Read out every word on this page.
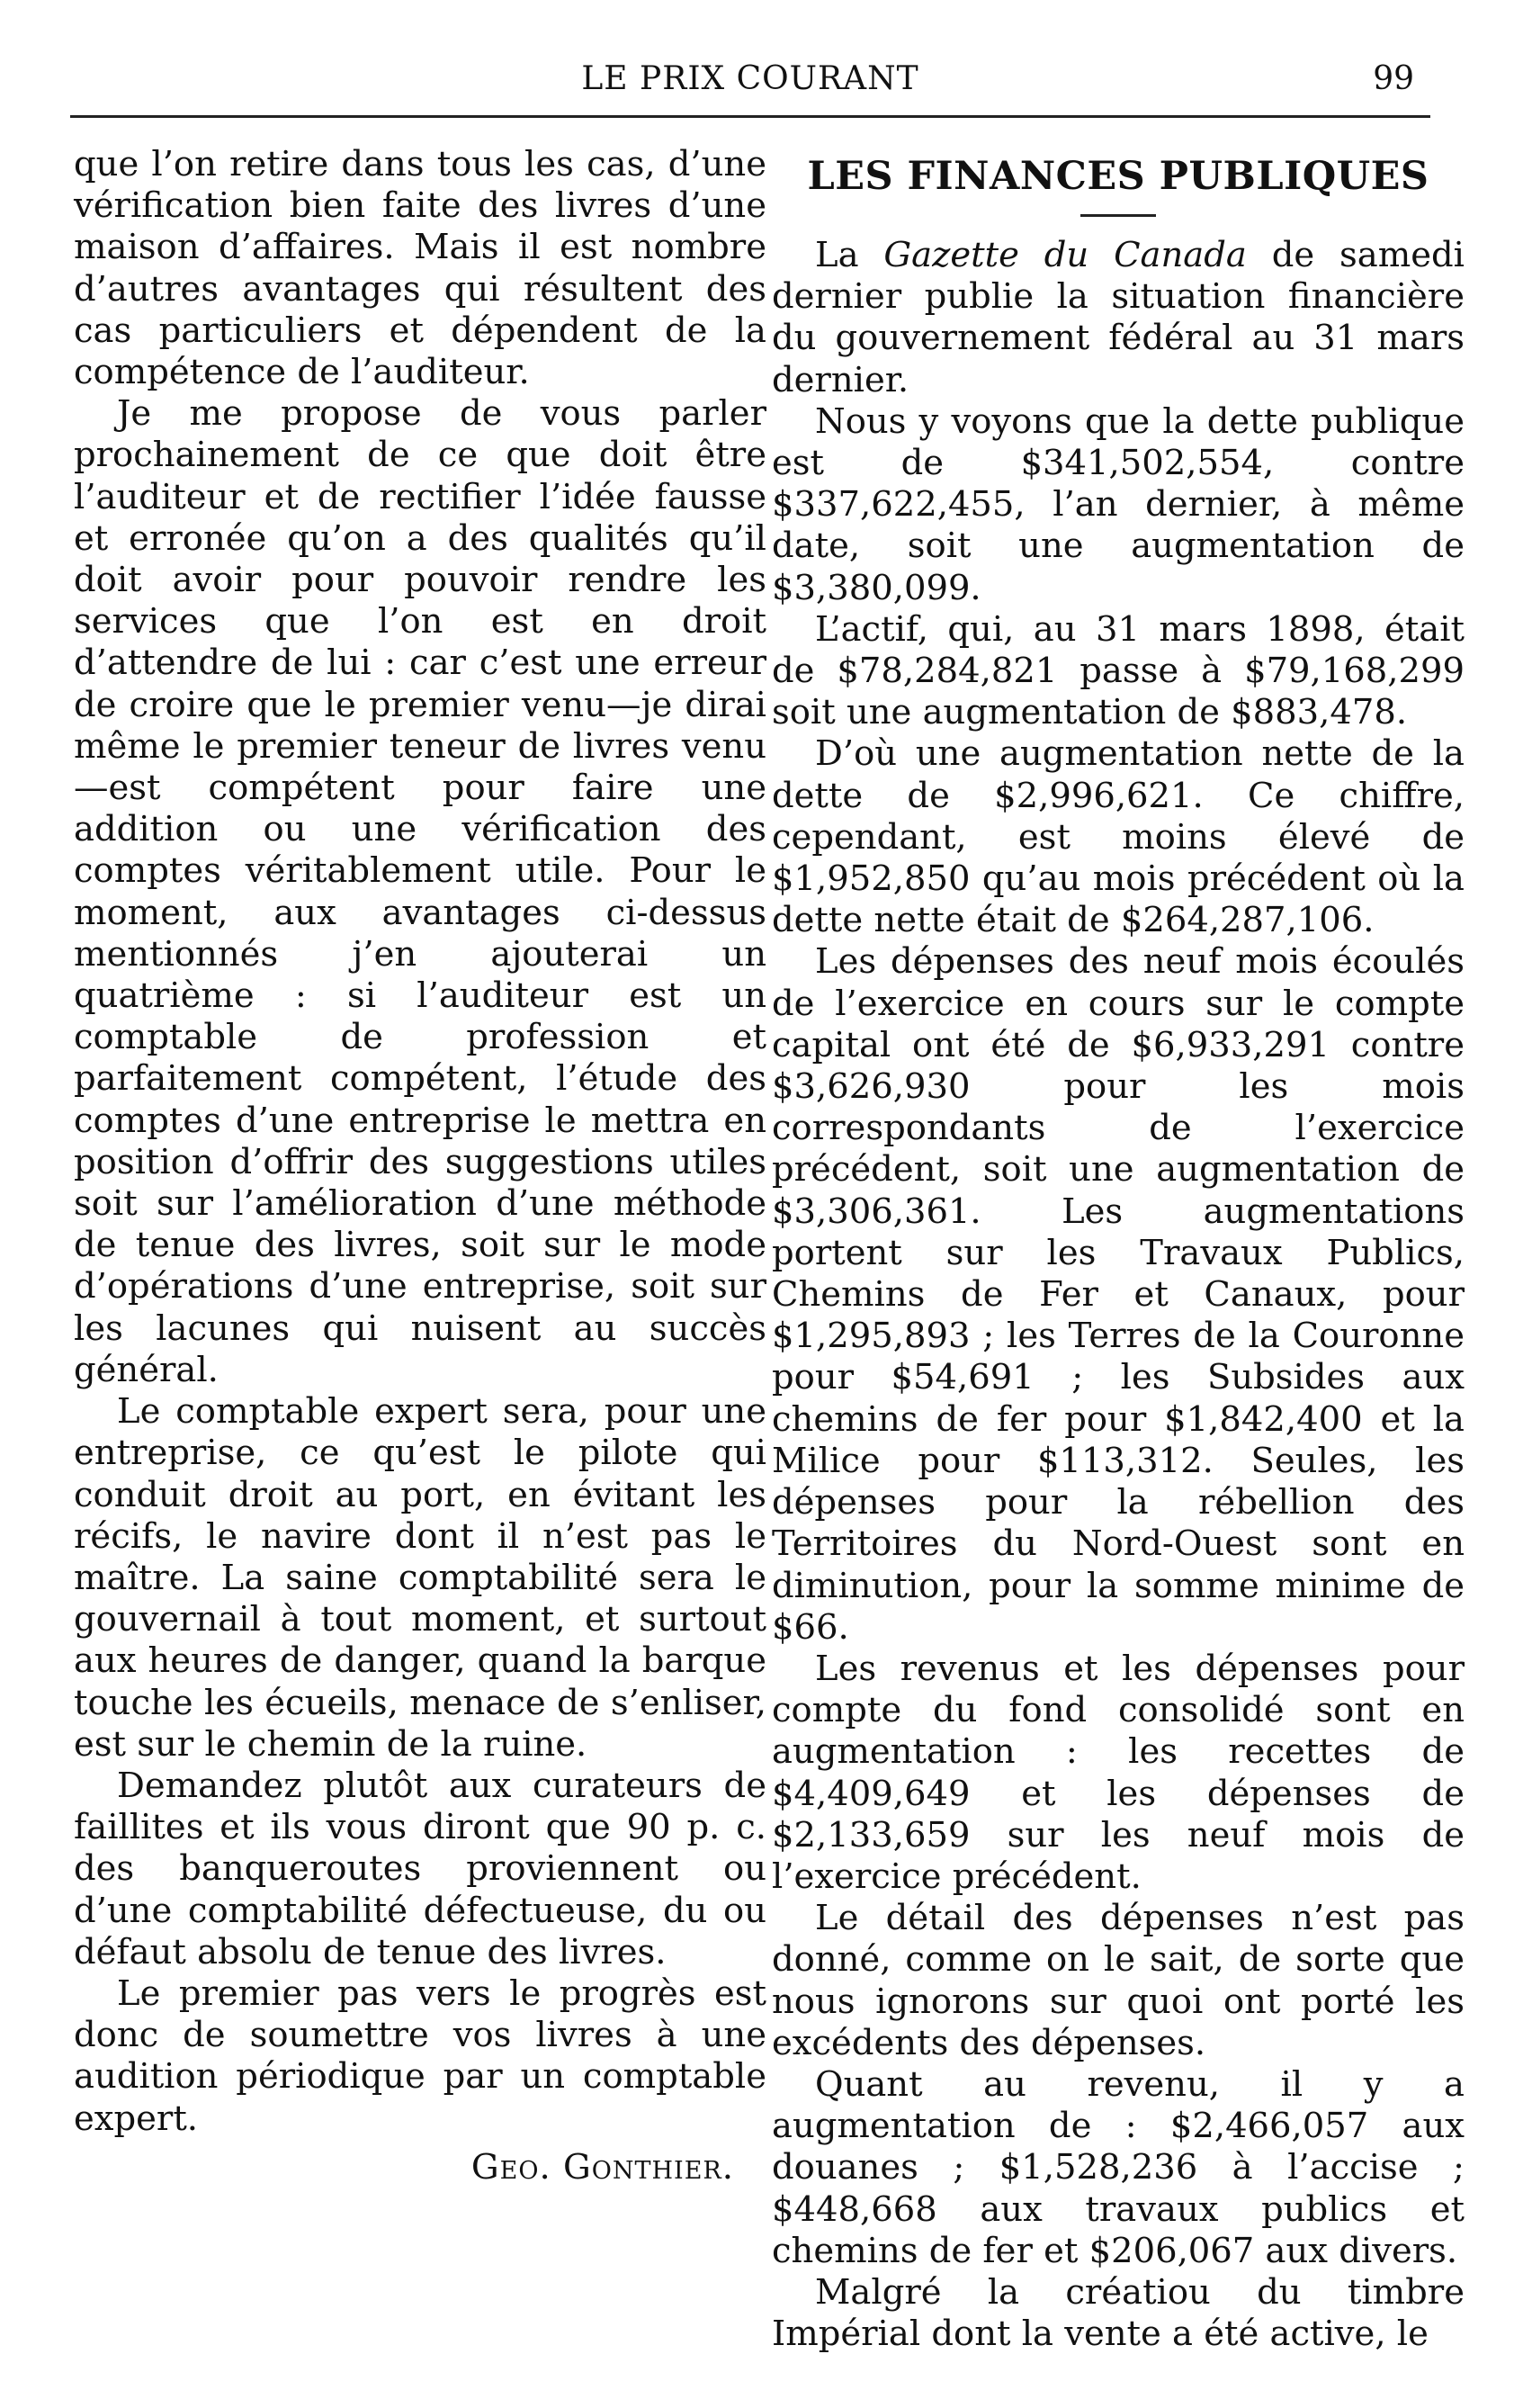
LE PRIX COURANT	99

que l’on retire dans tous les cas, d’une vérification bien faite des livres d’une maison d’affaires. Mais il est nombre d’autres avantages qui résultent des cas particuliers et dépendent de la compétence de l’auditeur.

Je me propose de vous parler prochainement de ce que doit être l’auditeur et de rectifier l’idée fausse et erronée qu’on a des qualités qu’il doit avoir pour pouvoir rendre les services que l’on est en droit d’attendre de lui : car c’est une erreur de croire que le premier venu—je dirai même le premier teneur de livres venu—est compétent pour faire une addition ou une vérification des comptes véritablement utile. Pour le moment, aux avantages ci-dessus mentionnés j’en ajouterai un quatrième : si l’auditeur est un comptable de profession et parfaitement compétent, l’étude des comptes d’une entreprise le mettra en position d’offrir des suggestions utiles soit sur l’amélioration d’une méthode de tenue des livres, soit sur le mode d’opérations d’une entreprise, soit sur les lacunes qui nuisent au succès général.

Le comptable expert sera, pour une entreprise, ce qu’est le pilote qui conduit droit au port, en évitant les récifs, le navire dont il n’est pas le maître. La saine comptabilité sera le gouvernail à tout moment, et surtout aux heures de danger, quand la barque touche les écueils, menace de s’enliser, est sur le chemin de la ruine.

Demandez plutôt aux curateurs de faillites et ils vous diront que 90 p. c. des banqueroutes proviennent ou d’une comptabilité défectueuse, du ou défaut absolu de tenue des livres.

Le premier pas vers le progrès est donc de soumettre vos livres à une audition périodique par un comptable expert.

Geo. Gonthier.
LES FINANCES PUBLIQUES

La Gazette du Canada de samedi dernier publie la situation financière du gouvernement fédéral au 31 mars dernier.

Nous y voyons que la dette publique est de $341,502,554, contre $337,622,455, l’an dernier, à même date, soit une augmentation de $3,380,099.

L’actif, qui, au 31 mars 1898, était de $78,284,821 passe à $79,168,299 soit une augmentation de $883,478.

D’où une augmentation nette de la dette de $2,996,621. Ce chiffre, cependant, est moins élevé de $1,952,850 qu’au mois précédent où la dette nette était de $264,287,106.

Les dépenses des neuf mois écoulés de l’exercice en cours sur le compte capital ont été de $6,933,291 contre $3,626,930 pour les mois correspondants de l’exercice précédent, soit une augmentation de $3,306,361. Les augmentations portent sur les Travaux Publics, Chemins de Fer et Canaux, pour $1,295,893 ; les Terres de la Couronne pour $54,691 ; les Subsides aux chemins de fer pour $1,842,400 et la Milice pour $113,312. Seules, les dépenses pour la rébellion des Territoires du Nord-Ouest sont en diminution, pour la somme minime de $66.

Les revenus et les dépenses pour compte du fond consolidé sont en augmentation : les recettes de $4,409,649 et les dépenses de $2,133,659 sur les neuf mois de l’exercice précédent.

Le détail des dépenses n’est pas donné, comme on le sait, de sorte que nous ignorons sur quoi ont porté les excédents des dépenses.

Quant au revenu, il y a augmentation de : $2,466,057 aux douanes ; $1,528,236 à l’accise ; $448,668 aux travaux publics et chemins de fer et $206,067 aux divers.

Malgré la créatiou du timbre Impérial dont la vente a été active, le
